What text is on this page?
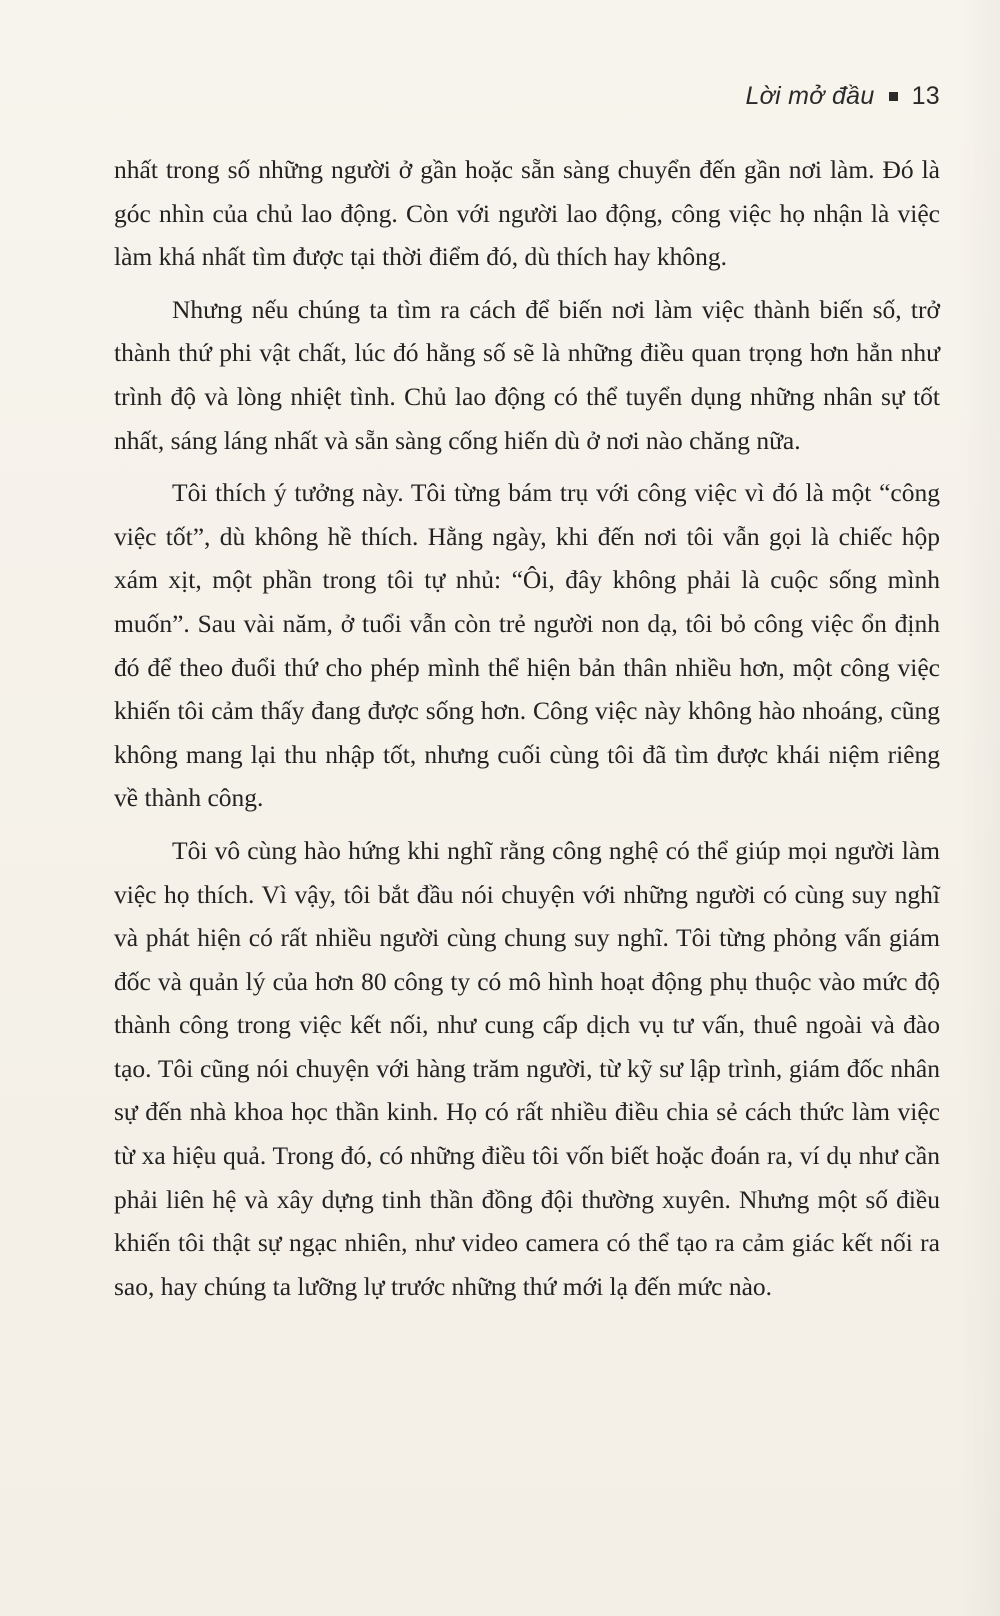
Lời mở đầu 13

nhất trong số những người ở gần hoặc sẵn sàng chuyển đến gần nơi làm. Đó là góc nhìn của chủ lao động. Còn với người lao động, công việc họ nhận là việc làm khá nhất tìm được tại thời điểm đó, dù thích hay không.

Nhưng nếu chúng ta tìm ra cách để biến nơi làm việc thành biến số, trở thành thứ phi vật chất, lúc đó hằng số sẽ là những điều quan trọng hơn hẳn như trình độ và lòng nhiệt tình. Chủ lao động có thể tuyển dụng những nhân sự tốt nhất, sáng láng nhất và sẵn sàng cống hiến dù ở nơi nào chăng nữa.

Tôi thích ý tưởng này. Tôi từng bám trụ với công việc vì đó là một “công việc tốt”, dù không hề thích. Hằng ngày, khi đến nơi tôi vẫn gọi là chiếc hộp xám xịt, một phần trong tôi tự nhủ: “Ôi, đây không phải là cuộc sống mình muốn”. Sau vài năm, ở tuổi vẫn còn trẻ người non dạ, tôi bỏ công việc ổn định đó để theo đuổi thứ cho phép mình thể hiện bản thân nhiều hơn, một công việc khiến tôi cảm thấy đang được sống hơn. Công việc này không hào nhoáng, cũng không mang lại thu nhập tốt, nhưng cuối cùng tôi đã tìm được khái niệm riêng về thành công.

Tôi vô cùng hào hứng khi nghĩ rằng công nghệ có thể giúp mọi người làm việc họ thích. Vì vậy, tôi bắt đầu nói chuyện với những người có cùng suy nghĩ và phát hiện có rất nhiều người cùng chung suy nghĩ. Tôi từng phỏng vấn giám đốc và quản lý của hơn 80 công ty có mô hình hoạt động phụ thuộc vào mức độ thành công trong việc kết nối, như cung cấp dịch vụ tư vấn, thuê ngoài và đào tạo. Tôi cũng nói chuyện với hàng trăm người, từ kỹ sư lập trình, giám đốc nhân sự đến nhà khoa học thần kinh. Họ có rất nhiều điều chia sẻ cách thức làm việc từ xa hiệu quả. Trong đó, có những điều tôi vốn biết hoặc đoán ra, ví dụ như cần phải liên hệ và xây dựng tinh thần đồng đội thường xuyên. Nhưng một số điều khiến tôi thật sự ngạc nhiên, như video camera có thể tạo ra cảm giác kết nối ra sao, hay chúng ta lưỡng lự trước những thứ mới lạ đến mức nào.
